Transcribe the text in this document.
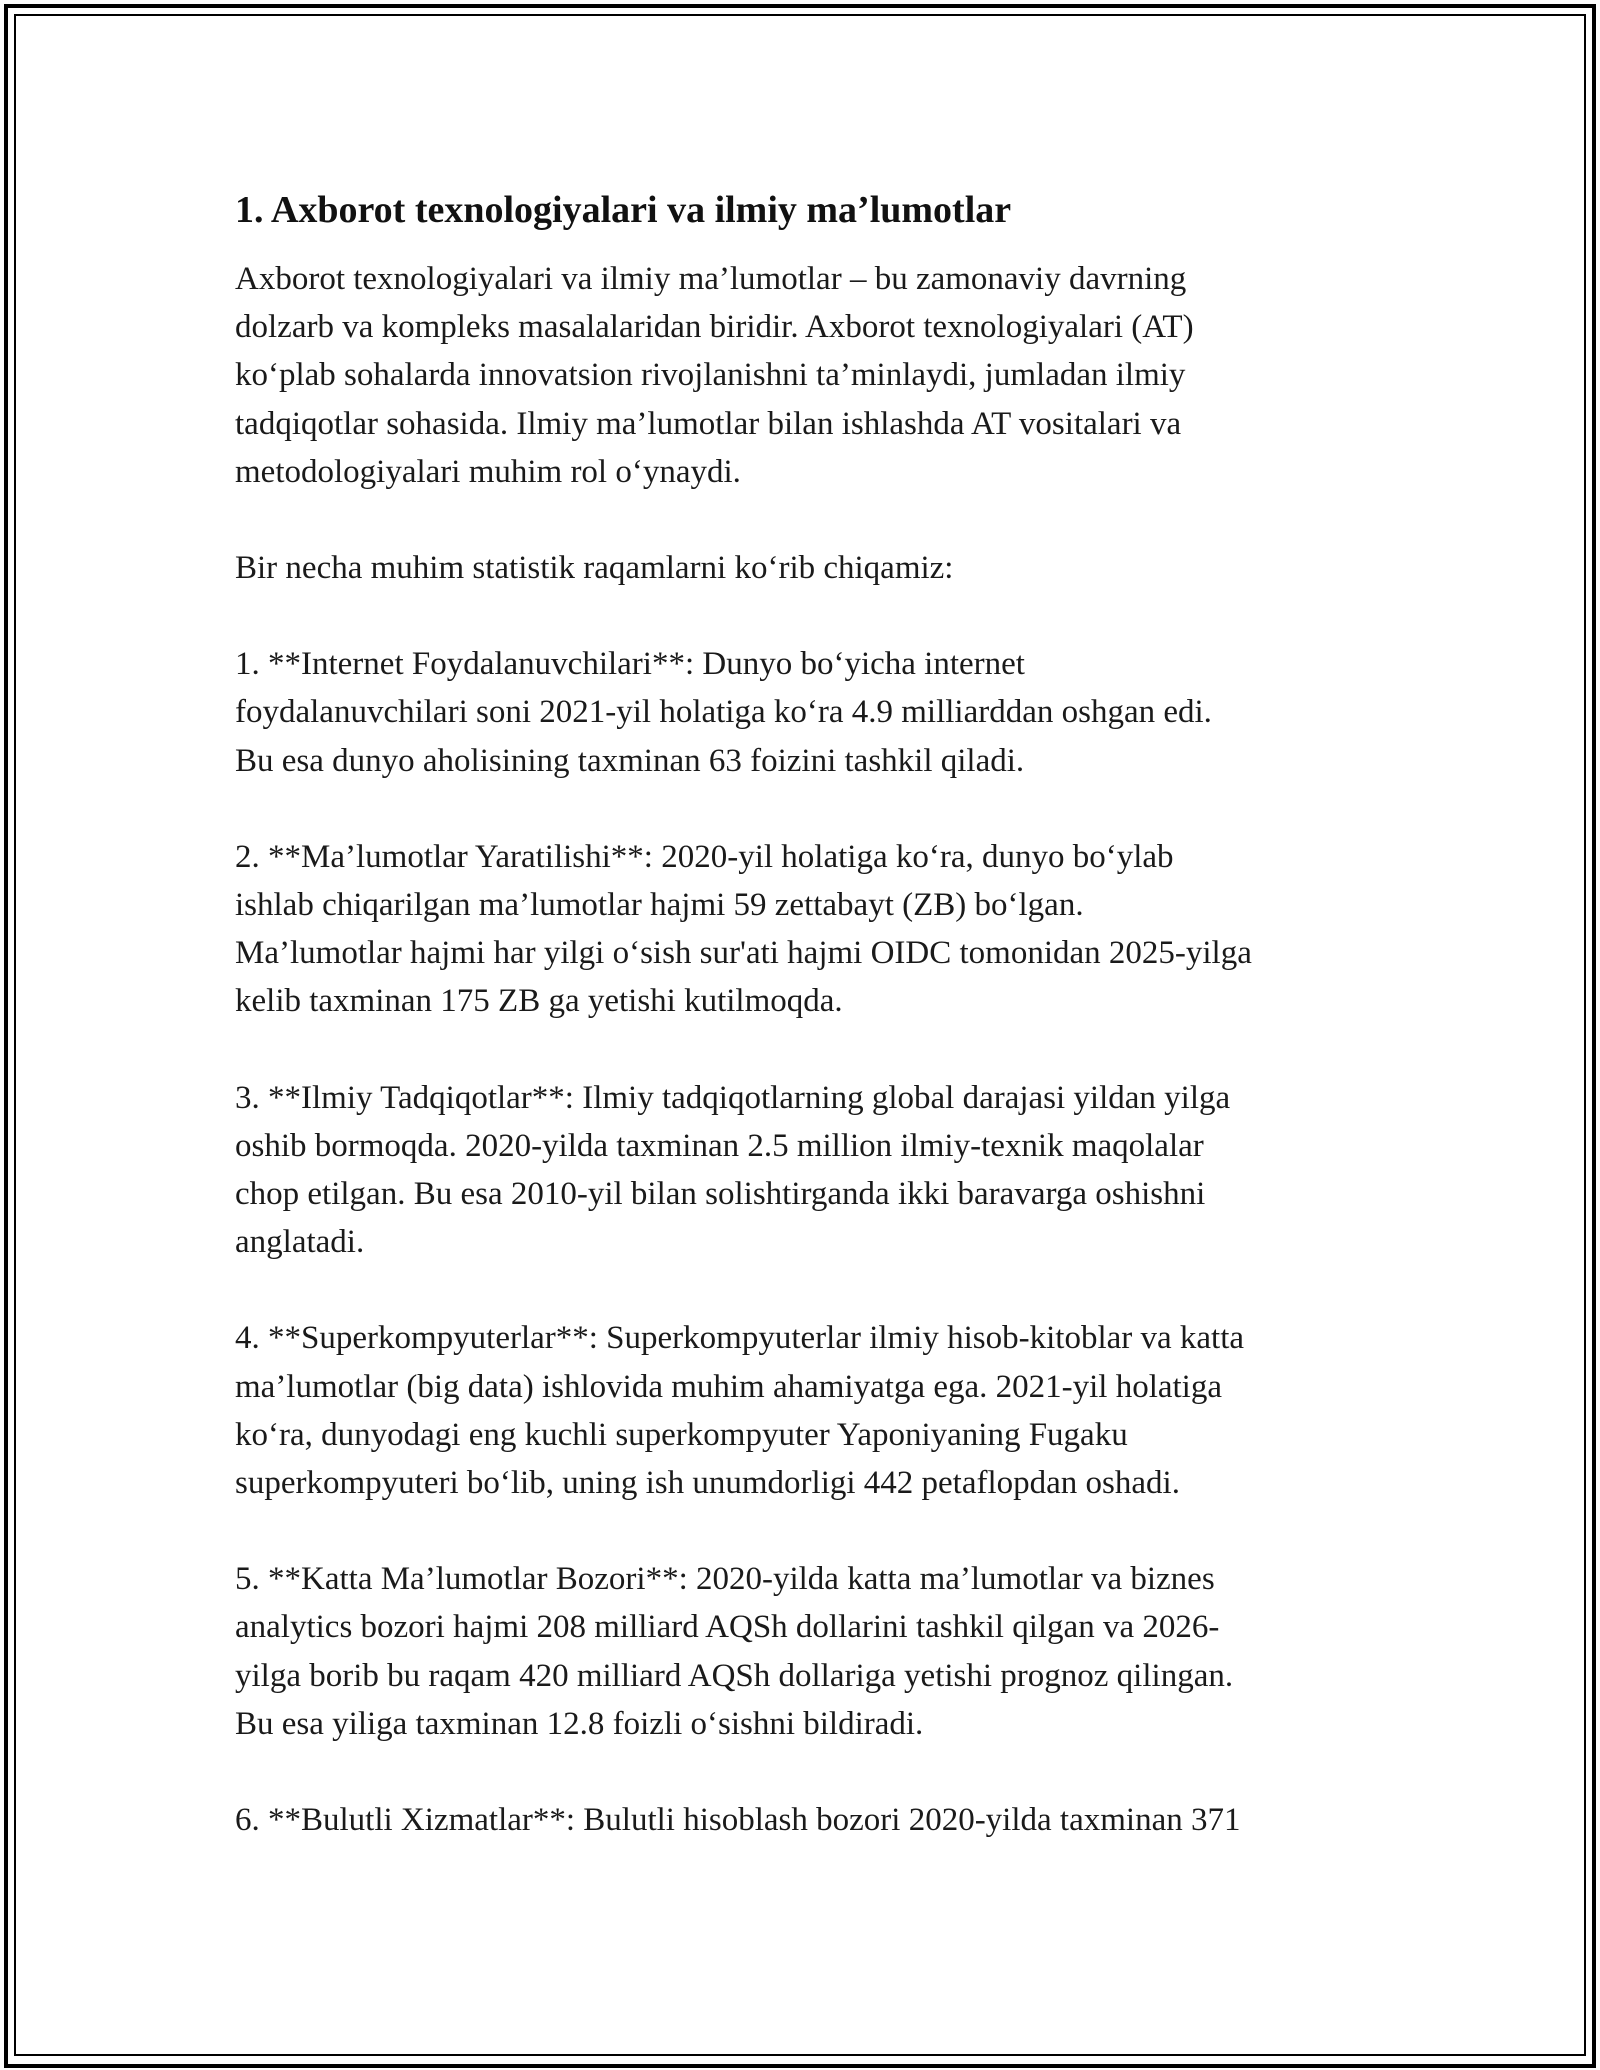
1. Axborot texnologiyalari va ilmiy ma’lumotlar

Axborot texnologiyalari va ilmiy ma’lumotlar – bu zamonaviy davrning
dolzarb va kompleks masalalaridan biridir. Axborot texnologiyalari (AT)
ko‘plab sohalarda innovatsion rivojlanishni ta’minlaydi, jumladan ilmiy
tadqiqotlar sohasida. Ilmiy ma’lumotlar bilan ishlashda AT vositalari va
metodologiyalari muhim rol o‘ynaydi.

Bir necha muhim statistik raqamlarni ko‘rib chiqamiz:

1. **Internet Foydalanuvchilari**: Dunyo bo‘yicha internet
foydalanuvchilari soni 2021-yil holatiga ko‘ra 4.9 milliarddan oshgan edi.
Bu esa dunyo aholisining taxminan 63 foizini tashkil qiladi.

2. **Ma’lumotlar Yaratilishi**: 2020-yil holatiga ko‘ra, dunyo bo‘ylab
ishlab chiqarilgan ma’lumotlar hajmi 59 zettabayt (ZB) bo‘lgan.
Ma’lumotlar hajmi har yilgi o‘sish sur'ati hajmi OIDC tomonidan 2025-yilga
kelib taxminan 175 ZB ga yetishi kutilmoqda.

3. **Ilmiy Tadqiqotlar**: Ilmiy tadqiqotlarning global darajasi yildan yilga
oshib bormoqda. 2020-yilda taxminan 2.5 million ilmiy-texnik maqolalar
chop etilgan. Bu esa 2010-yil bilan solishtirganda ikki baravarga oshishni
anglatadi.

4. **Superkompyuterlar**: Superkompyuterlar ilmiy hisob-kitoblar va katta
ma’lumotlar (big data) ishlovida muhim ahamiyatga ega. 2021-yil holatiga
ko‘ra, dunyodagi eng kuchli superkompyuter Yaponiyaning Fugaku
superkompyuteri bo‘lib, uning ish unumdorligi 442 petaflopdan oshadi.

5. **Katta Ma’lumotlar Bozori**: 2020-yilda katta ma’lumotlar va biznes
analytics bozori hajmi 208 milliard AQSh dollarini tashkil qilgan va 2026-
yilga borib bu raqam 420 milliard AQSh dollariga yetishi prognoz qilingan.
Bu esa yiliga taxminan 12.8 foizli o‘sishni bildiradi.

6. **Bulutli Xizmatlar**: Bulutli hisoblash bozori 2020-yilda taxminan 371
